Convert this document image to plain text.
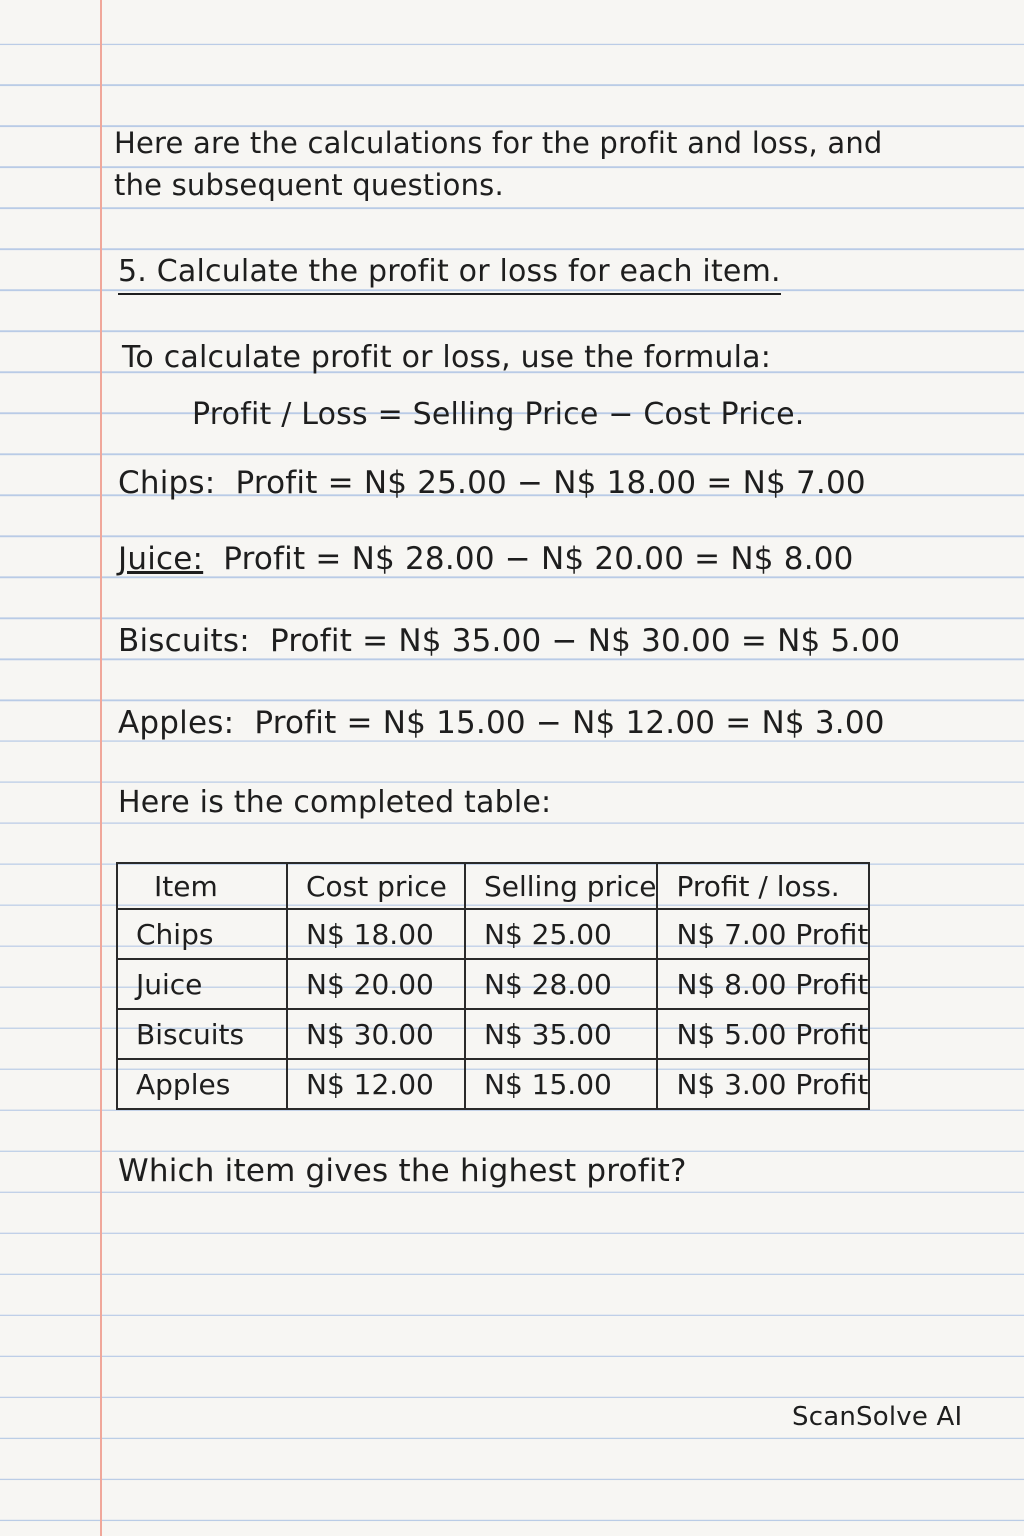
Here are the calculations for the profit and loss, and the subsequent questions.
5. Calculate the profit or loss for each item.
To calculate profit or loss, use the formula:
Profit / Loss = Selling Price − Cost Price.
Chips: Profit = N$ 25.00 − N$ 18.00 = N$ 7.00
Juice: Profit = N$ 28.00 − N$ 20.00 = N$ 8.00
Biscuits: Profit = N$ 35.00 − N$ 30.00 = N$ 5.00
Apples: Profit = N$ 15.00 − N$ 12.00 = N$ 3.00
Here is the completed table:
Item	Cost price	Selling price	Profit / loss.
Chips	N$ 18.00	N$ 25.00	N$ 7.00 Profit
Juice	N$ 20.00	N$ 28.00	N$ 8.00 Profit
Biscuits	N$ 30.00	N$ 35.00	N$ 5.00 Profit
Apples	N$ 12.00	N$ 15.00	N$ 3.00 Profit
Which item gives the highest profit?
ScanSolve AI
